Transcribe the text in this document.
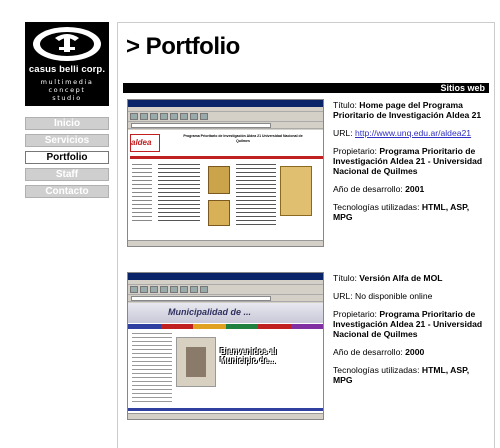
casus belli corp.
multimedia
concept
studio
Inicio
Servicios
Portfolio
Staff
Contacto
> Portfolio
Sitios web
aldea
Programa Prioritario de Investigación Aldea 21 Universidad Nacional de Quilmes

Título: Home page del Programa Prioritario de Investigación Aldea 21

URL: http://www.unq.edu.ar/aldea21

Propietario: Programa Prioritario de Investigación Aldea 21 - Universidad Nacional de Quilmes

Año de desarrollo: 2001

Tecnologías utilizadas: HTML, ASP, MPG

Municipalidad de ...
Bienvenidos al Municipio de...

Título: Versión Alfa de MOL

URL: No disponible online

Propietario: Programa Prioritario de Investigación Aldea 21 - Universidad Nacional de Quilmes

Año de desarrollo: 2000

Tecnologías utilizadas: HTML, ASP, MPG
